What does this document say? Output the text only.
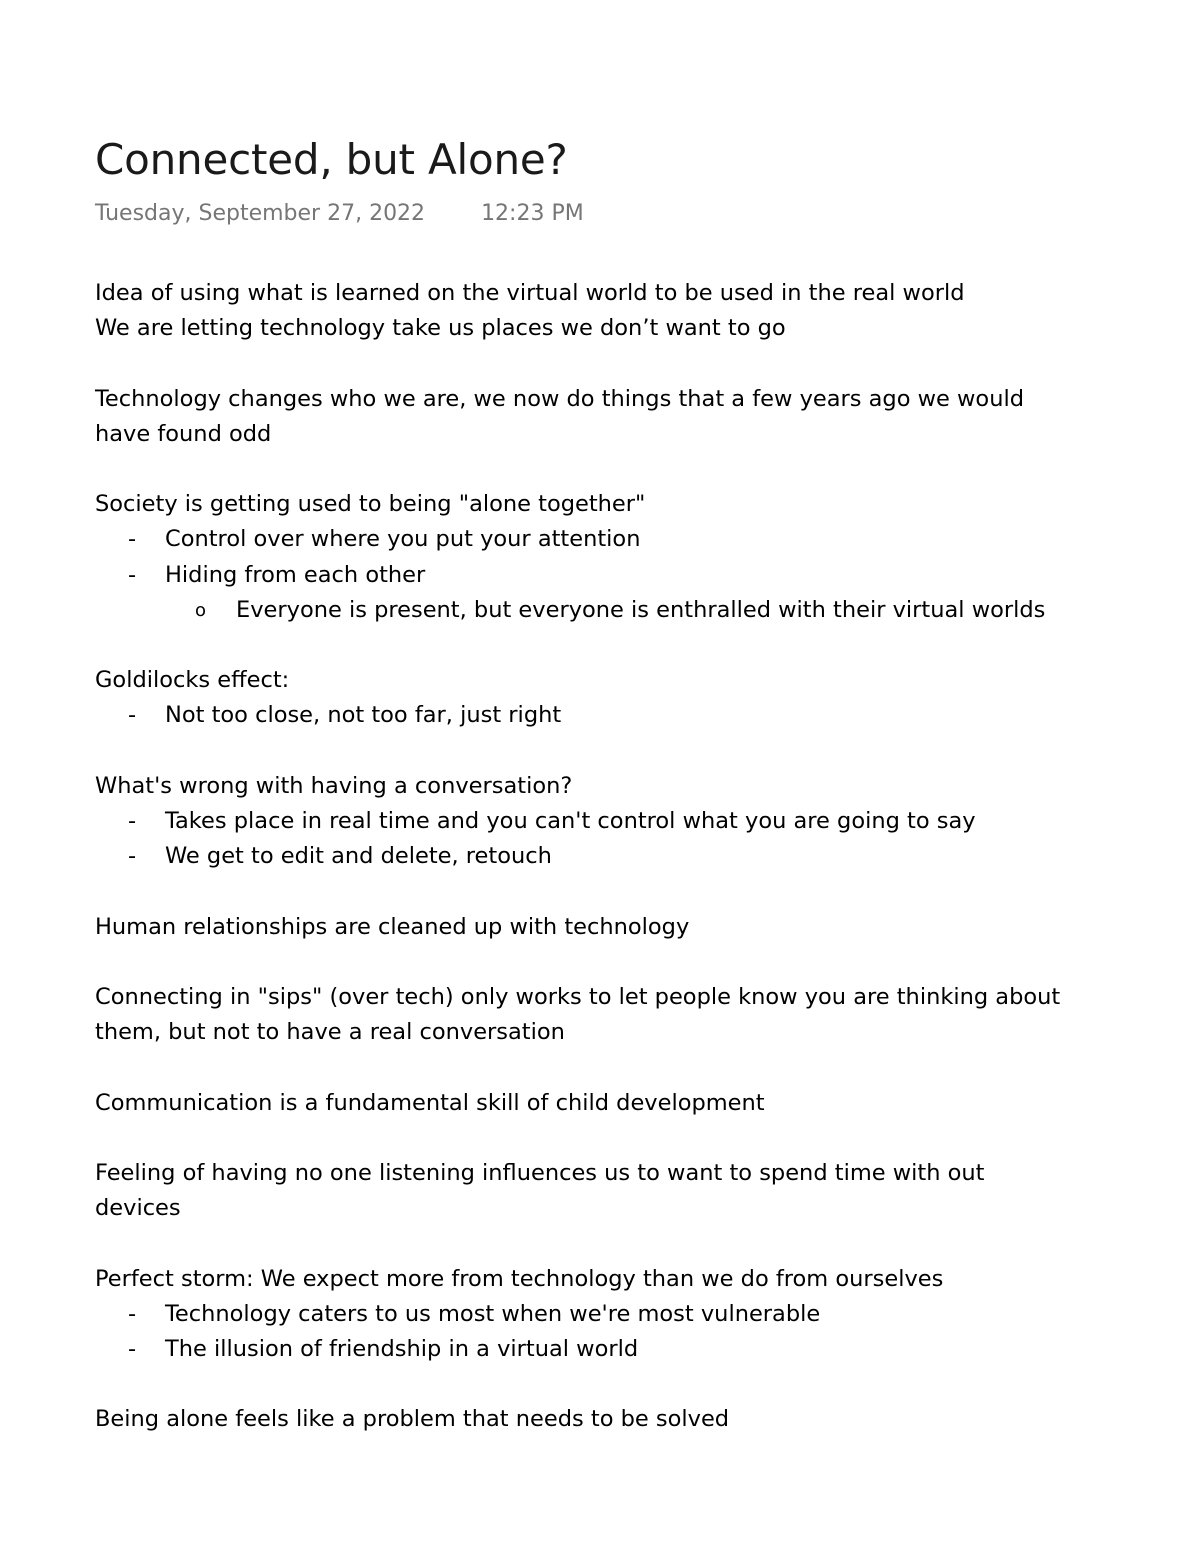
Connected, but Alone?
Tuesday, September 27, 2022	12:23 PM
Idea of using what is learned on the virtual world to be used in the real world
We are letting technology take us places we don’t want to go
Technology changes who we are, we now do things that a few years ago we would
have found odd
Society is getting used to being "alone together"
- Control over where you put your attention
- Hiding from each other
o Everyone is present, but everyone is enthralled with their virtual worlds
Goldilocks effect:
- Not too close, not too far, just right
What's wrong with having a conversation?
- Takes place in real time and you can't control what you are going to say
- We get to edit and delete, retouch
Human relationships are cleaned up with technology
Connecting in "sips" (over tech) only works to let people know you are thinking about
them, but not to have a real conversation
Communication is a fundamental skill of child development
Feeling of having no one listening influences us to want to spend time with out
devices
Perfect storm: We expect more from technology than we do from ourselves
- Technology caters to us most when we're most vulnerable
- The illusion of friendship in a virtual world
Being alone feels like a problem that needs to be solved
